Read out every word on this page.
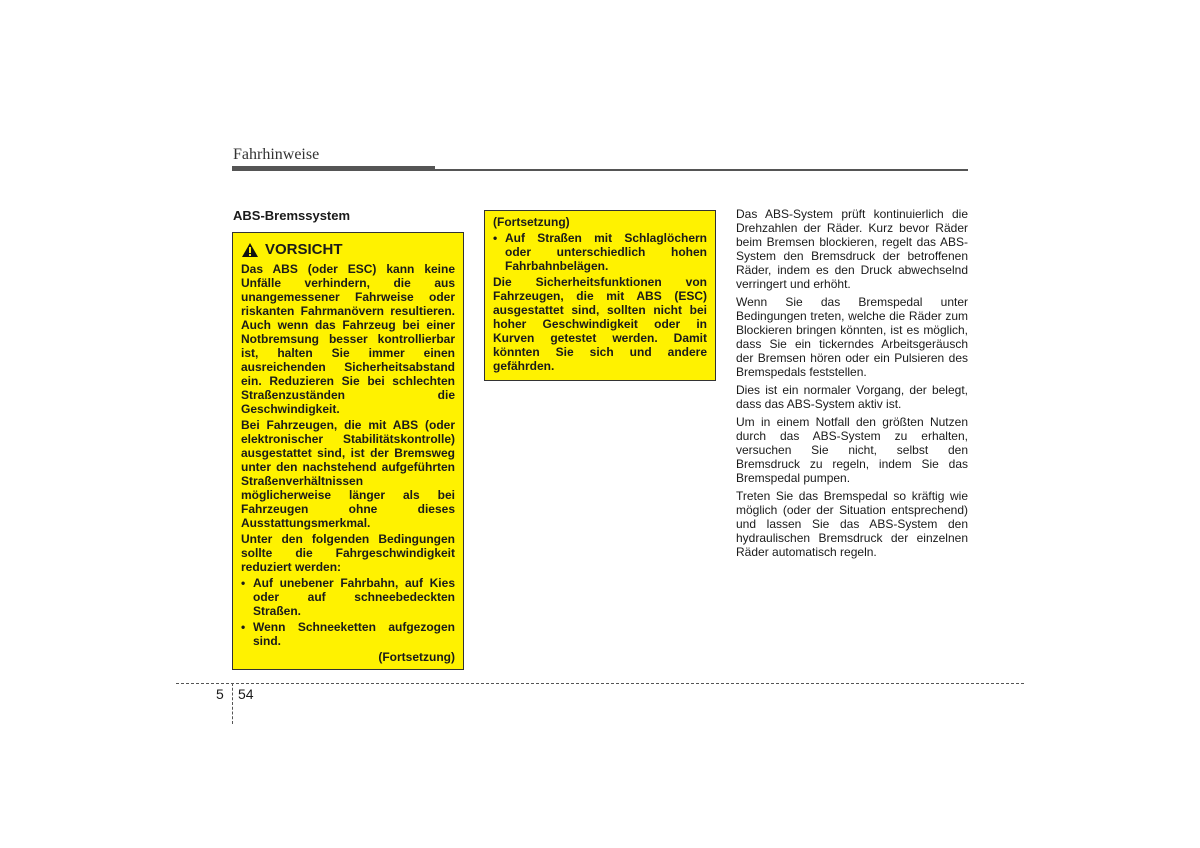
Fahrhinweise
ABS-Bremssystem
VORSICHT
Das ABS (oder ESC) kann keine Unfälle verhindern, die aus unangemessener Fahrweise oder riskanten Fahrmanövern resultieren. Auch wenn das Fahrzeug bei einer Notbremsung besser kontrollierbar ist, halten Sie immer einen ausreichenden Sicherheitsabstand ein. Reduzieren Sie bei schlechten Straßenzuständen die Geschwindigkeit.
Bei Fahrzeugen, die mit ABS (oder elektronischer Stabilitätskontrolle) ausgestattet sind, ist der Bremsweg unter den nachstehend aufgeführten Straßenverhältnissen möglicherweise länger als bei Fahrzeugen ohne dieses Ausstattungsmerkmal.
Unter den folgenden Bedingungen sollte die Fahrgeschwindigkeit reduziert werden:
• Auf unebener Fahrbahn, auf Kies oder auf schneebedeckten Straßen.
• Wenn Schneeketten aufgezogen sind.
(Fortsetzung)
(Fortsetzung)
• Auf Straßen mit Schlaglöchern oder unterschiedlich hohen Fahrbahnbelägen.
Die Sicherheitsfunktionen von Fahrzeugen, die mit ABS (ESC) ausgestattet sind, sollten nicht bei hoher Geschwindigkeit oder in Kurven getestet werden. Damit könnten Sie sich und andere gefährden.
Das ABS-System prüft kontinuierlich die Drehzahlen der Räder. Kurz bevor Räder beim Bremsen blockieren, regelt das ABS-System den Bremsdruck der betroffenen Räder, indem es den Druck abwechselnd verringert und erhöht.
Wenn Sie das Bremspedal unter Bedingungen treten, welche die Räder zum Blockieren bringen könnten, ist es möglich, dass Sie ein tickerndes Arbeitsgeräusch der Bremsen hören oder ein Pulsieren des Bremspedals feststellen.
Dies ist ein normaler Vorgang, der belegt, dass das ABS-System aktiv ist.
Um in einem Notfall den größten Nutzen durch das ABS-System zu erhalten, versuchen Sie nicht, selbst den Bremsdruck zu regeln, indem Sie das Bremspedal pumpen.
Treten Sie das Bremspedal so kräftig wie möglich (oder der Situation entsprechend) und lassen Sie das ABS-System den hydraulischen Bremsdruck der einzelnen Räder automatisch regeln.
5 54
